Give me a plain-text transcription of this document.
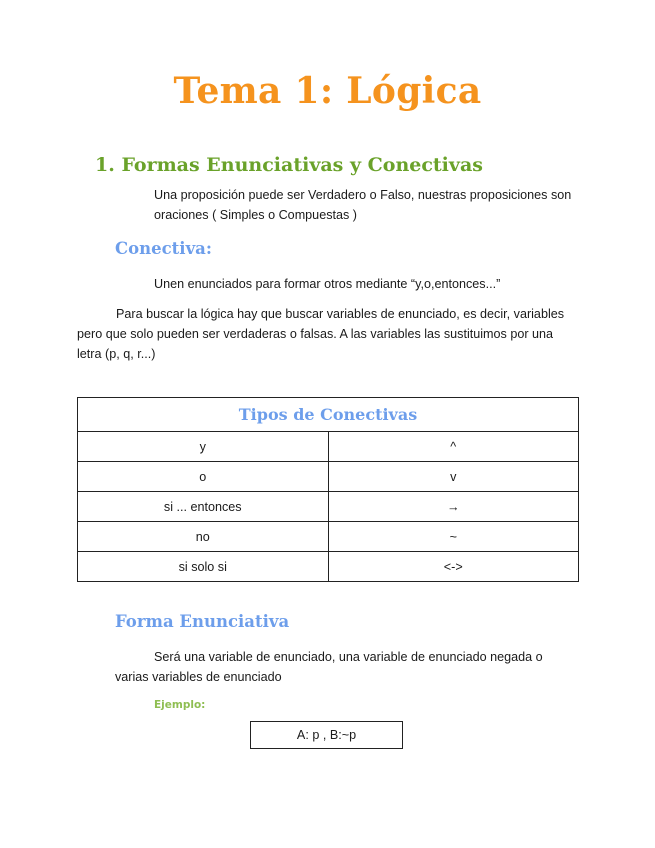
Tema 1: Lógica
1. Formas Enunciativas y Conectivas
Una proposición puede ser Verdadero o Falso, nuestras proposiciones son
oraciones ( Simples o Compuestas )
Conectiva:
Unen enunciados para formar otros mediante “y,o,entonces...”
Para buscar la lógica hay que buscar variables de enunciado, es decir, variables
pero que solo pueden ser verdaderas o falsas. A las variables las sustituimos por una
letra (p, q, r...)
Tipos de Conectivas	
y	^
o	v
si ... entonces	→
no	~
si solo si	<->
Forma Enunciativa
Será una variable de enunciado, una variable de enunciado negada o
varias variables de enunciado
Ejemplo:
A: p , B:~p
